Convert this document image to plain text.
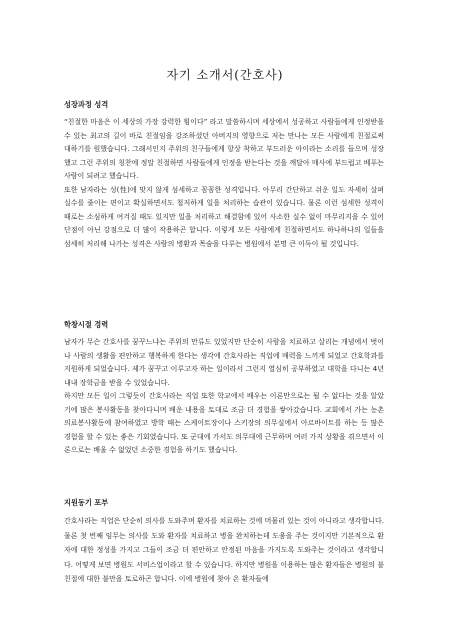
자기 소개서(간호사)
성장과정 성격

“친절한 마음은 이 세상의 가장 강력한 힘이다” 라고 말씀하시며 세상에서 성공하고 사람들에게 인정받을 수 있는 최고의 길이 바로 친절임을 강조하셨던 아버지의 영향으로 저는 만나는 모든 사람에게 친절로써 대하기를 원했습니다. 그래서인지 주위의 친구들에게 항상 착하고 부드러운 아이라는 소리를 들으며 성장했고 그런 주위의 칭찬에 정말 친절하면 사람들에게 인정을 받는다는 것을 깨달아 매사에 부드럽고 베푸는 사람이 되려고 했습니다.

또한 남자라는 성(性)에 맞지 않게 섬세하고 꼼꼼한 성격입니다. 아무리 간단하고 쉬운 일도 자세히 살펴 실수를 줄이는 편이고 확실하면서도 철저하게 일을 처리하는 습관이 있습니다. 물론 이런 섬세한 성격이 때로는 소심하게 여겨질 때도 있지만 일을 처리하고 해결함에 있어 사소한 실수 없이 마무리지을 수 있어 단점이 아닌 강점으로 더 많이 작용하곤 합니다. 이렇게 모든 사람에게 친절하면서도 하나하나의 일들을 섬세히 처리해 나가는 성격은 사람의 병환과 목숨을 다루는 병원에서 분명 큰 이득이 될 것입니다.

학창시절 경력

남자가 무슨 간호사를 꿈꾸느냐는 주위의 만류도 있었지만 단순히 사람을 치료하고 살리는 개념에서 벗어나 사람의 생활을 편안하고 행복하게 한다는 생각에 간호사라는 직업에 매력을 느끼게 되었고 간호학과를 지원하게 되었습니다. 제가 꿈꾸고 이루고자 하는 일이라서 그런지 열심히 공부하였고 대학을 다니는 4년 내내 장학금을 받을 수 있었습니다.

하지만 모든 일이 그렇듯이 간호사라는 직업 또한 학교에서 배우는 이론만으로는 될 수 없다는 것을 알았기에 많은 봉사활동을 찾아다니며 배운 내용을 토대로 조금 더 경험을 쌓아갔습니다. 교회에서 가는 농촌의료봉사활동에 참여하였고 방학 때는 스케이트장이나 스키장의 의무실에서 아르바이트를 하는 등 많은 경험을 할 수 있는 좋은 기회였습니다. 또 군대에 가서도 의무대에 근무하며 여러 가지 상황을 겪으면서 이론으로는 배울 수 없었던 소중한 경험을 하기도 했습니다.

지원동기 포부

간호사라는 직업은 단순히 의사를 도와주며 환자를 치료하는 것에 머물러 있는 것이 아니라고 생각합니다. 물론 첫 번째 임무는 의사를 도와 환자를 치료하고 병을 완치하는데 도움을 주는 것이지만 기본적으로 환자에 대한 정성을 가지고 그들이 조금 더 편안하고 안정된 마음을 가지도록 도와주는 것이라고 생각합니다. 어떻게 보면 병원도 서비스업이라고 할 수 있습니다. 하지만 병원을 이용하는 많은 환자들은 병원의 불친절에 대한 불만을 토로하곤 합니다. 이에 병원에 찾아 온 환자들에
